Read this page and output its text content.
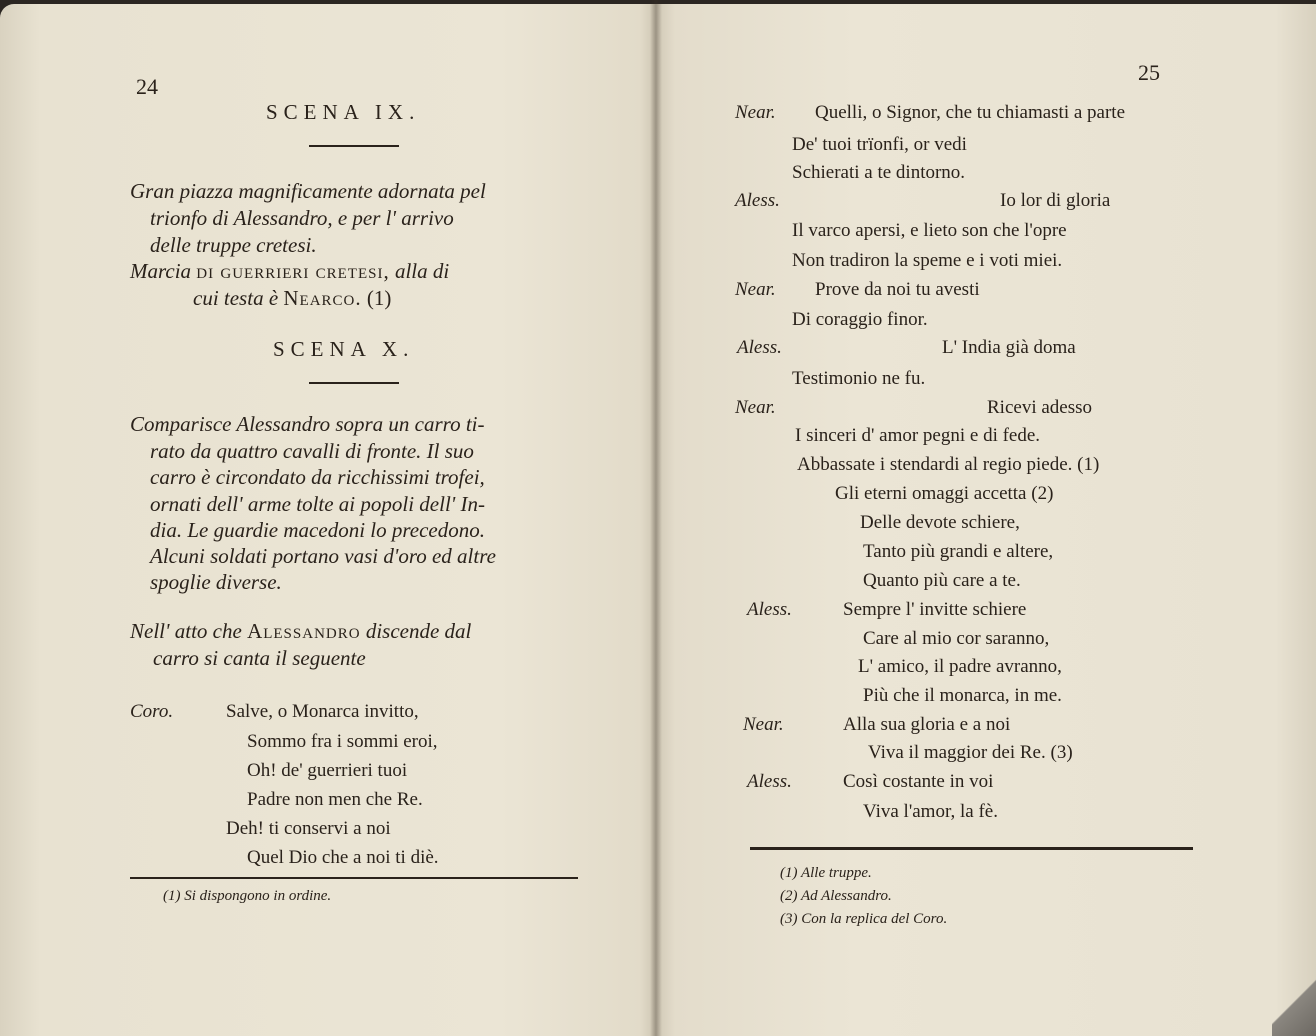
24
SCENA IX.
Gran piazza magnificamente adornata pel
trionfo di Alessandro, e per l' arrivo
delle truppe cretesi.
Marcia di guerrieri cretesi, alla di
cui testa è Nearco. (1)
SCENA X.
Comparisce Alessandro sopra un carro ti-
rato da quattro cavalli di fronte. Il suo
carro è circondato da ricchissimi trofei,
ornati dell' arme tolte ai popoli dell' In-
dia. Le guardie macedoni lo precedono.
Alcuni soldati portano vasi d'oro ed altre
spoglie diverse.
Nell' atto che Alessandro discende dal
carro si canta il seguente
Coro.	Salve, o Monarca invitto,
Sommo fra i sommi eroi,
Oh! de' guerrieri tuoi
Padre non men che Re.
Deh! ti conservi a noi
Quel Dio che a noi ti diè.
(1) Si dispongono in ordine.
25
Near. Quelli, o Signor, che tu chiamasti a parte
De' tuoi trïonfi, or vedi
Schierati a te dintorno.
Aless.	Io lor di gloria
Il varco apersi, e lieto son che l'opre
Non tradiron la speme e i voti miei.
Near. Prove da noi tu avesti
Di coraggio finor.
Aless.	L' India già doma
Testimonio ne fu.
Near.	Ricevi adesso
I sinceri d' amor pegni e di fede.
Abbassate i stendardi al regio piede. (1)
Gli eterni omaggi accetta (2)
Delle devote schiere,
Tanto più grandi e altere,
Quanto più care a te.
Aless.	Sempre l' invitte schiere
Care al mio cor saranno,
L' amico, il padre avranno,
Più che il monarca, in me.
Near.	Alla sua gloria e a noi
Viva il maggior dei Re. (3)
Aless.	Così costante in voi
Viva l'amor, la fè.
(1) Alle truppe.
(2) Ad Alessandro.
(3) Con la replica del Coro.
